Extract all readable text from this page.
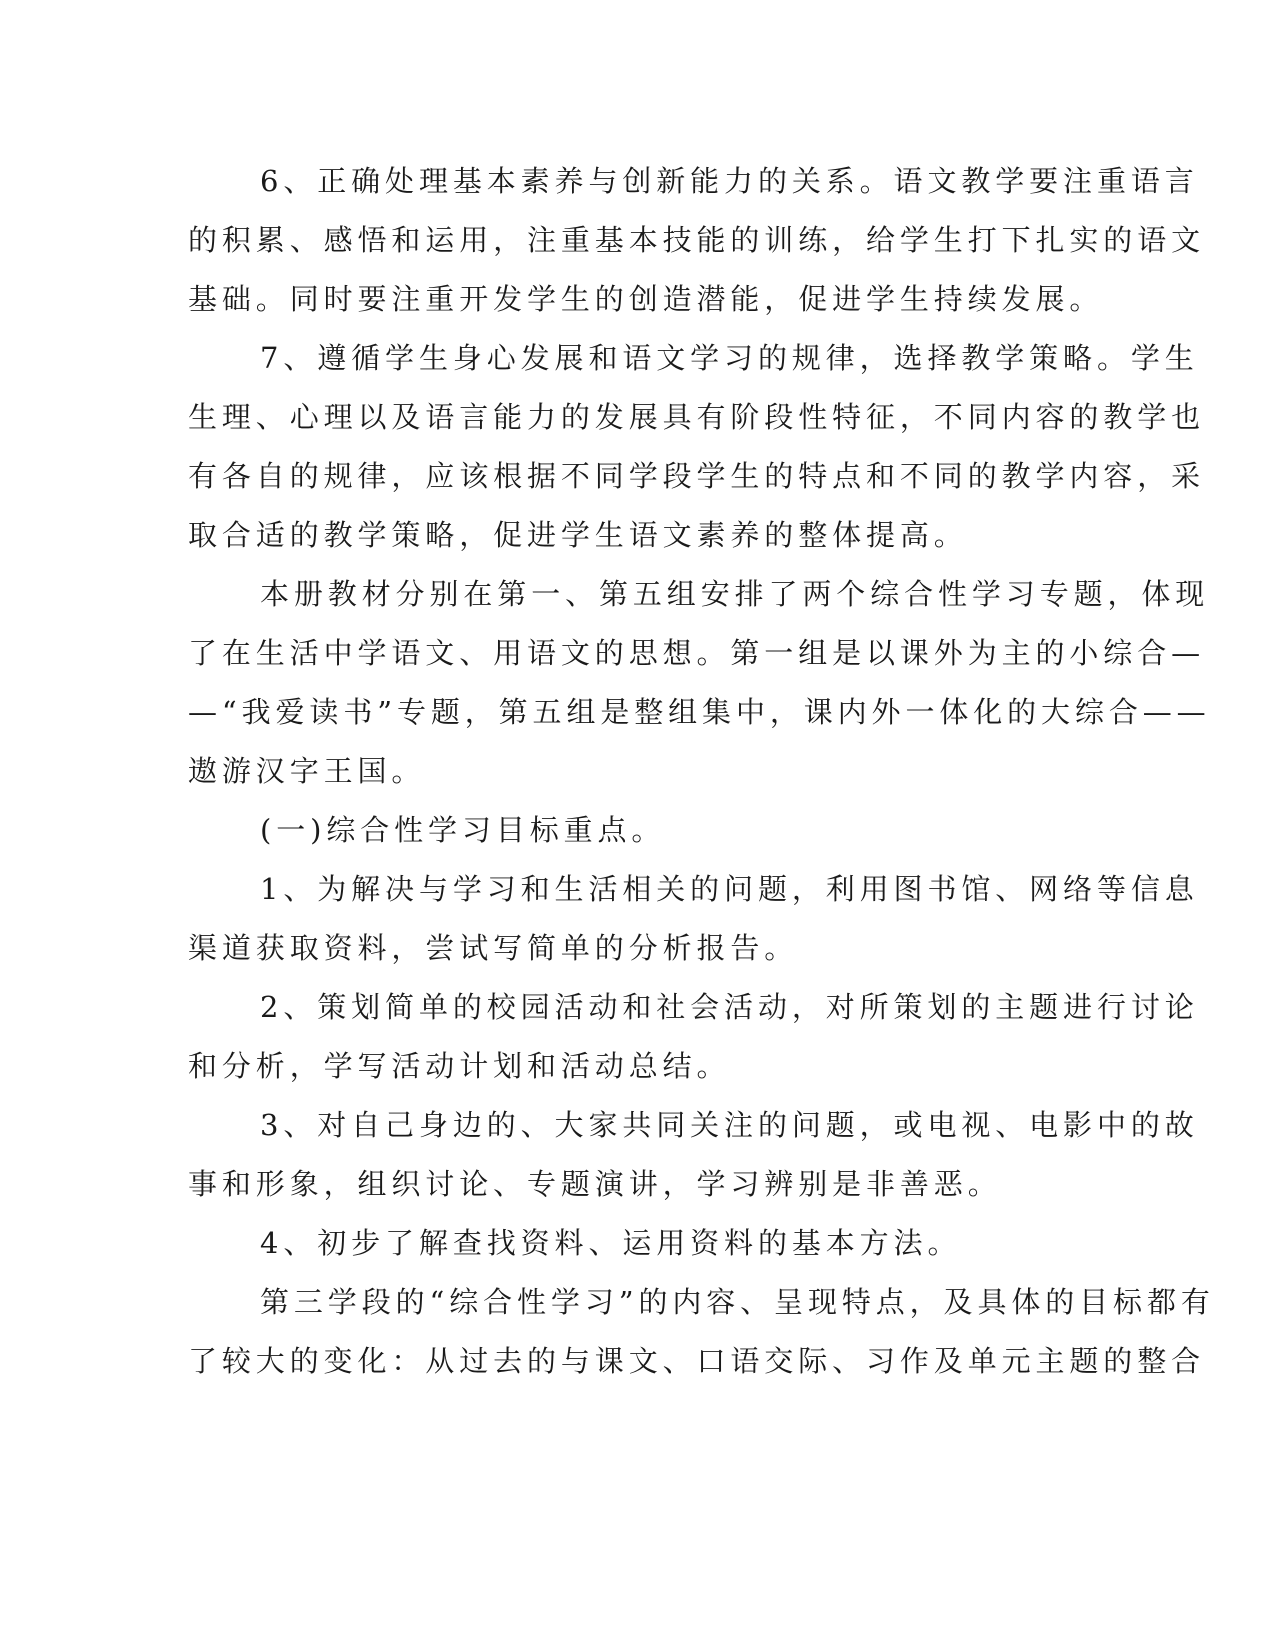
6、正确处理基本素养与创新能力的关系。语文教学要注重语言
的积累、感悟和运用，注重基本技能的训练，给学生打下扎实的语文
基础。同时要注重开发学生的创造潜能，促进学生持续发展。
7、遵循学生身心发展和语文学习的规律，选择教学策略。学生
生理、心理以及语言能力的发展具有阶段性特征，不同内容的教学也
有各自的规律，应该根据不同学段学生的特点和不同的教学内容，采
取合适的教学策略，促进学生语文素养的整体提高。
本册教材分别在第一、第五组安排了两个综合性学习专题，体现
了在生活中学语文、用语文的思想。第一组是以课外为主的小综合—
—“我爱读书”专题，第五组是整组集中，课内外一体化的大综合——
遨游汉字王国。
(一)综合性学习目标重点。
1、为解决与学习和生活相关的问题，利用图书馆、网络等信息
渠道获取资料，尝试写简单的分析报告。
2、策划简单的校园活动和社会活动，对所策划的主题进行讨论
和分析，学写活动计划和活动总结。
3、对自己身边的、大家共同关注的问题，或电视、电影中的故
事和形象，组织讨论、专题演讲，学习辨别是非善恶。
4、初步了解查找资料、运用资料的基本方法。
第三学段的“综合性学习”的内容、呈现特点，及具体的目标都有
了较大的变化：从过去的与课文、口语交际、习作及单元主题的整合
